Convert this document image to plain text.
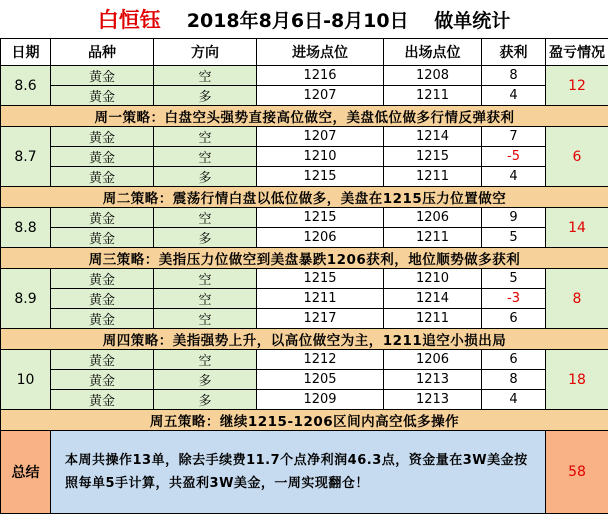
白恒钰 2018年8月6日-8月10日　 做单统计
日期	品种	方向	进场点位	出场点位	获利	盈亏情况
8.6	黄金	空	1216	1208	8	12
	黄金	多	1207	1211	4	
周一策略：白盘空头强势直接高位做空，美盘低位做多行情反弹获利						
8.7	黄金	空	1207	1214	7	6
	黄金	空	1210	1215	-5	
	黄金	多	1215	1211	4	
周二策略：震荡行情白盘以低位做多，美盘在1215压力位置做空						
8.8	黄金	空	1215	1206	9	14
	黄金	多	1206	1211	5	
周三策略：美指压力位做空到美盘暴跌1206获利，地位顺势做多获利						
8.9	黄金	空	1215	1210	5	8
	黄金	空	1211	1214	-3	
	黄金	空	1217	1211	6	
周四策略：美指强势上升，以高位做空为主，1211追空小损出局						
10	黄金	空	1212	1206	6	18
	黄金	多	1205	1213	8	
	黄金	多	1209	1213	4	
周五策略：继续1215-1206区间内高空低多操作						
总结	本周共操作13单，除去手续费11.7个点净利润46.3点，资金量在3W美金按照每单5手计算，共盈利3W美金，一周实现翻仓！					58
